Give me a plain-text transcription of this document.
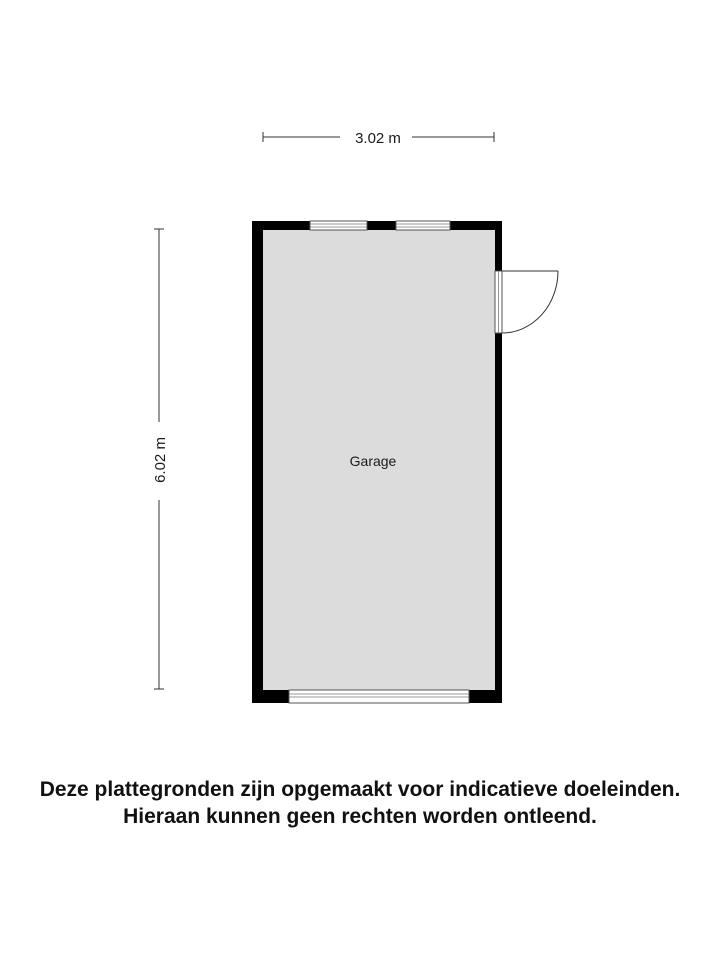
3.02 m
6.02 m	Garage
Deze plattegronden zijn opgemaakt voor indicatieve doeleinden.
Hieraan kunnen geen rechten worden ontleend.
